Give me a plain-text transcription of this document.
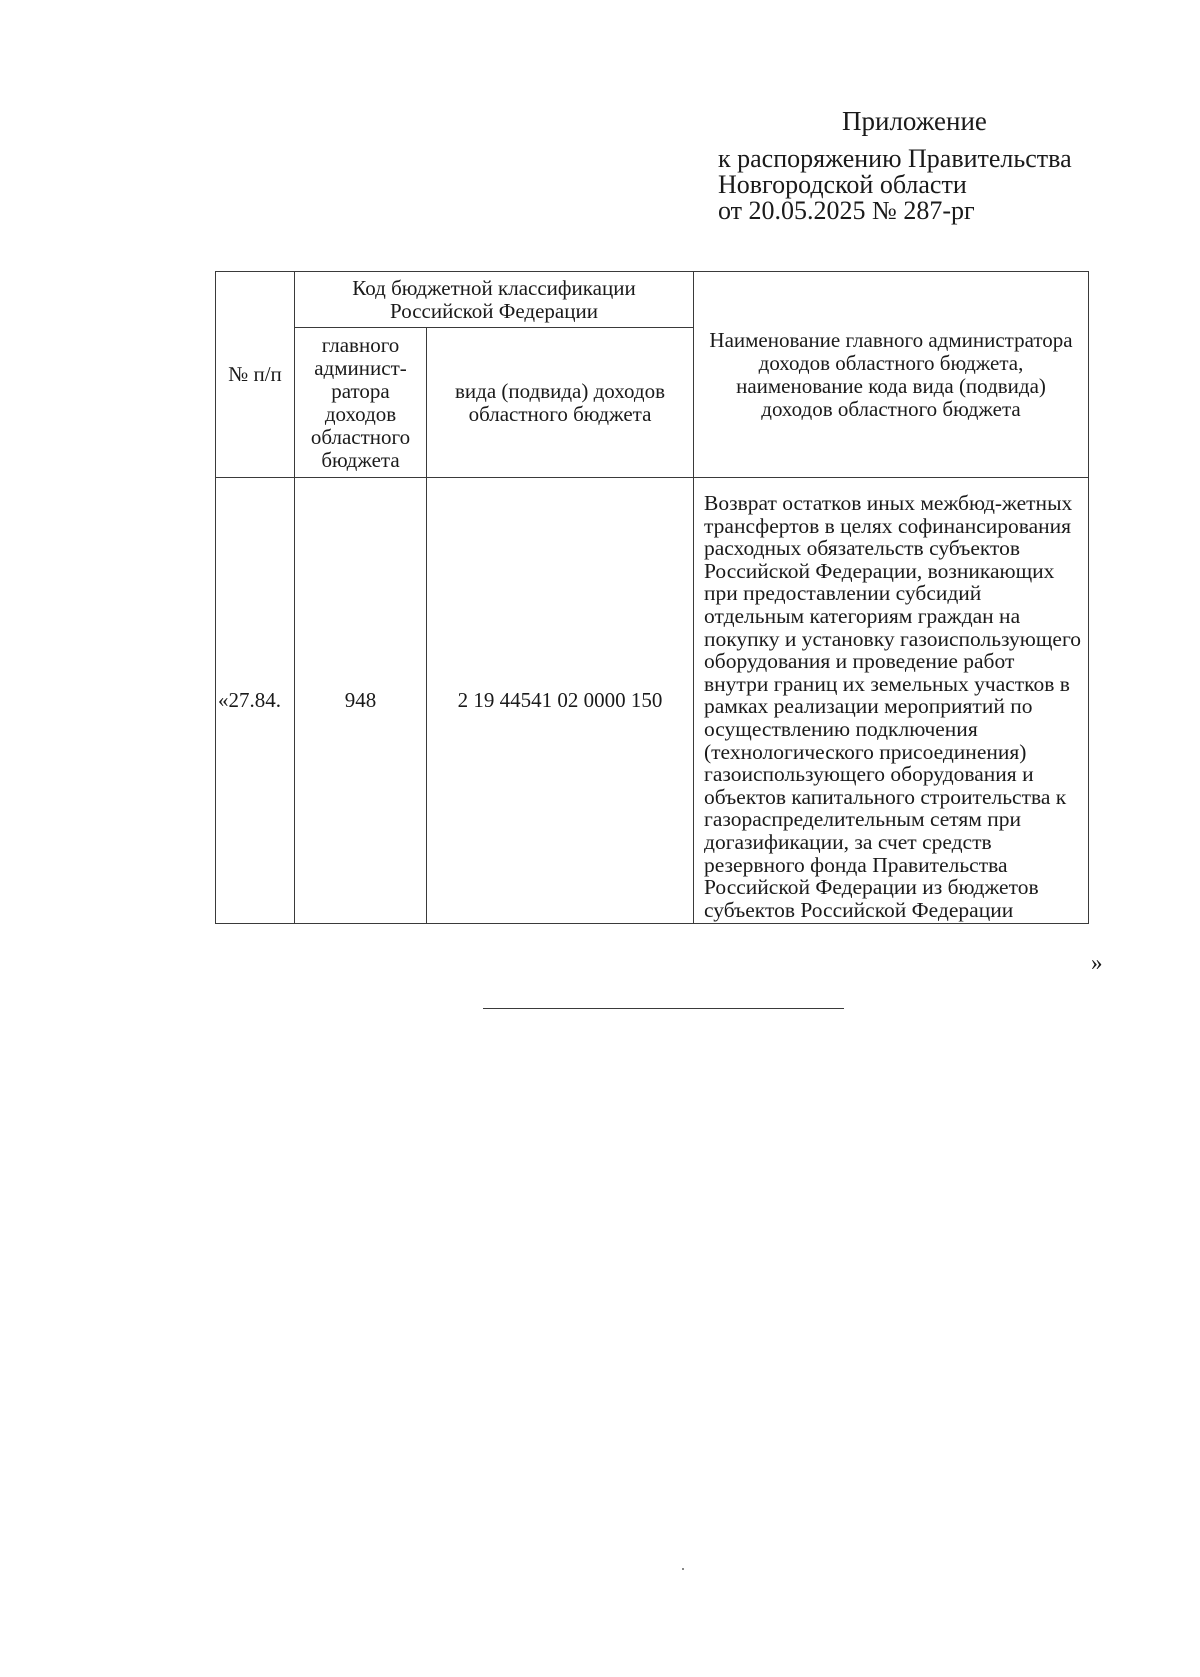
Приложение
к распоряжению Правительства
Новгородской области
от 20.05.2025 № 287-рг
№ п/п	Код бюджетной классификации Российской Федерации		Наименование главного администратора доходов областного бюджета, наименование кода вида (подвида) доходов областного бюджета
	главного админист-ратора доходов областного бюджета	вида (подвида) доходов областного бюджета	
«27.84.	948	2 19 44541 02 0000 150	Возврат остатков иных межбюд-жетных трансфертов в целях софинансирования расходных обязательств субъектов Российской Федерации, возникающих при предоставлении субсидий отдельным категориям граждан на покупку и установку газоиспользующего оборудования и проведение работ внутри границ их земельных участков в рамках реализации мероприятий по осуществлению подключения (технологического присоединения) газоиспользующего оборудования и объектов капитального строительства к газораспределительным сетям при догазификации, за счет средств резервного фонда Правительства Российской Федерации из бюджетов субъектов Российской Федерации
»
